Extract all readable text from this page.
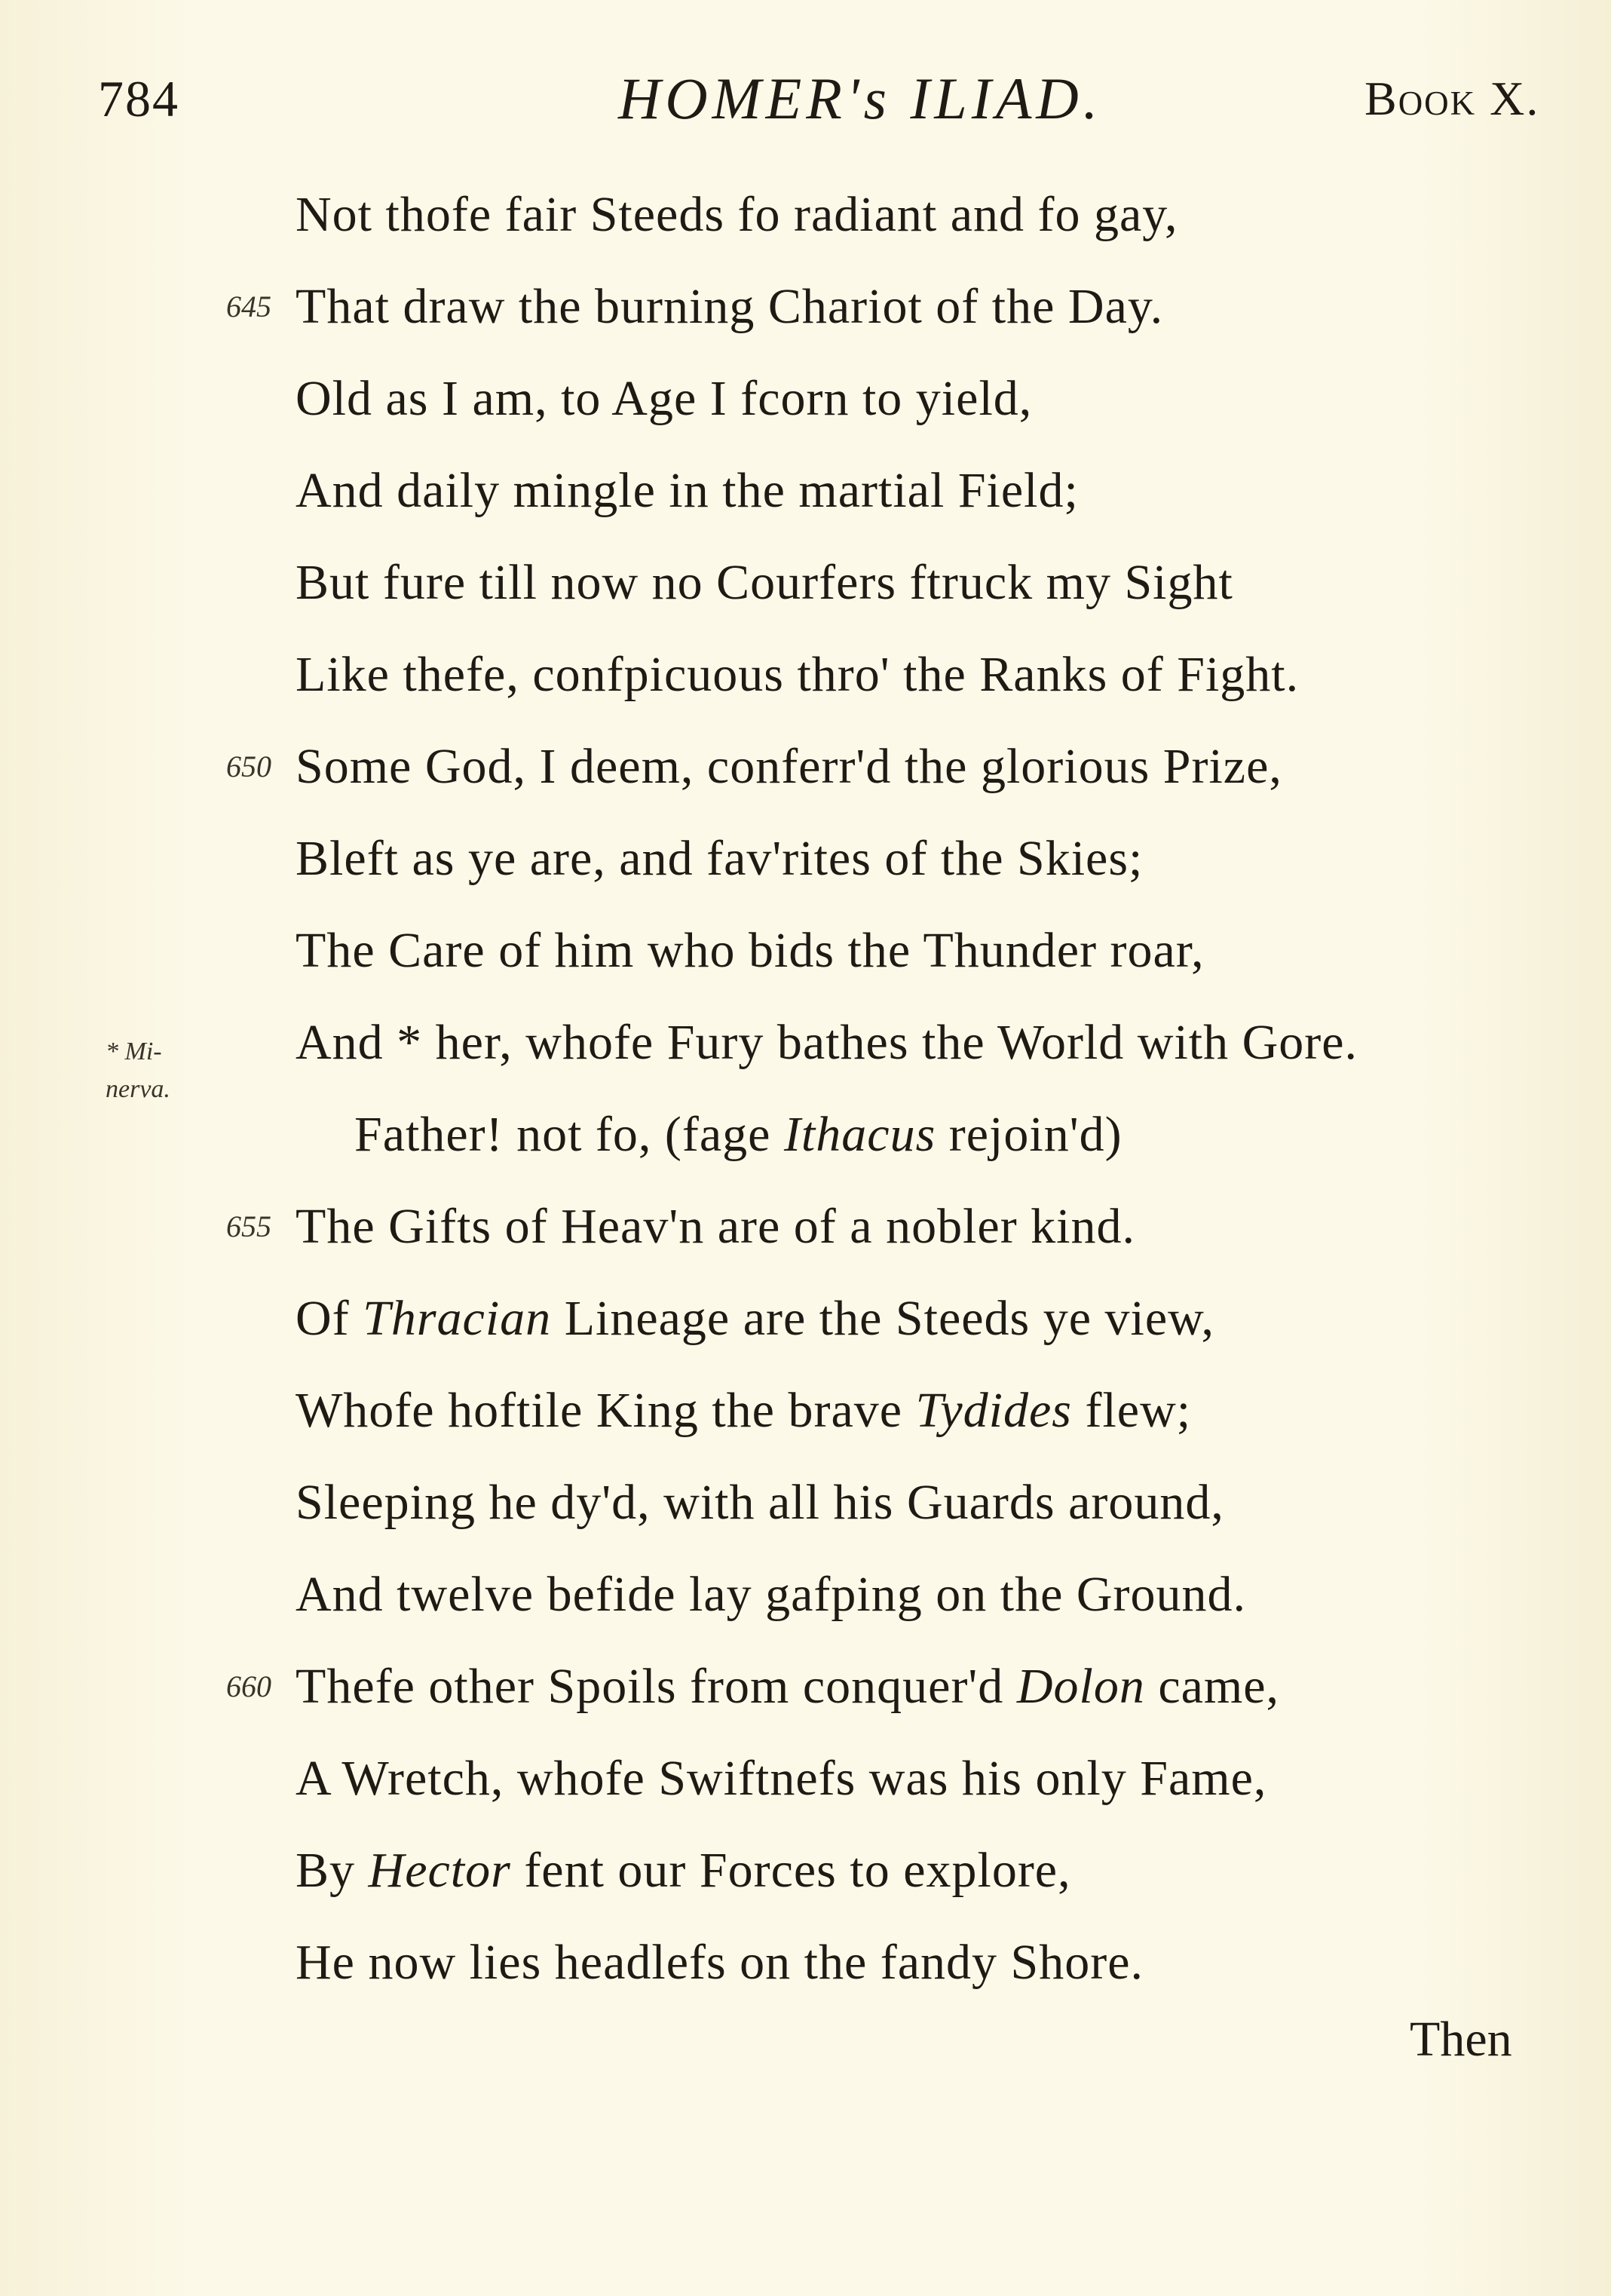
784	HOMER's ILIAD.	Book X.
Not thofe fair Steeds fo radiant and fo gay,
645 That draw the burning Chariot of the Day.
Old as I am, to Age I fcorn to yield,
And daily mingle in the martial Field;
But fure till now no Courfers ftruck my Sight
Like thefe, confpicuous thro' the Ranks of Fight.
650 Some God, I deem, conferr'd the glorious Prize,
Bleft as ye are, and fav'rites of the Skies;
The Care of him who bids the Thunder roar,
And * her, whofe Fury bathes the World with Gore.
Father! not fo, (fage Ithacus rejoin'd)
655 The Gifts of Heav'n are of a nobler kind.
Of Thracian Lineage are the Steeds ye view,
Whofe hoftile King the brave Tydides flew;
Sleeping he dy'd, with all his Guards around,
And twelve befide lay gafping on the Ground.
660 Thefe other Spoils from conquer'd Dolon came,
A Wretch, whofe Swiftnefs was his only Fame,
By Hector fent our Forces to explore,
He now lies headlefs on the fandy Shore.
* Mi-
nerva.
Then
